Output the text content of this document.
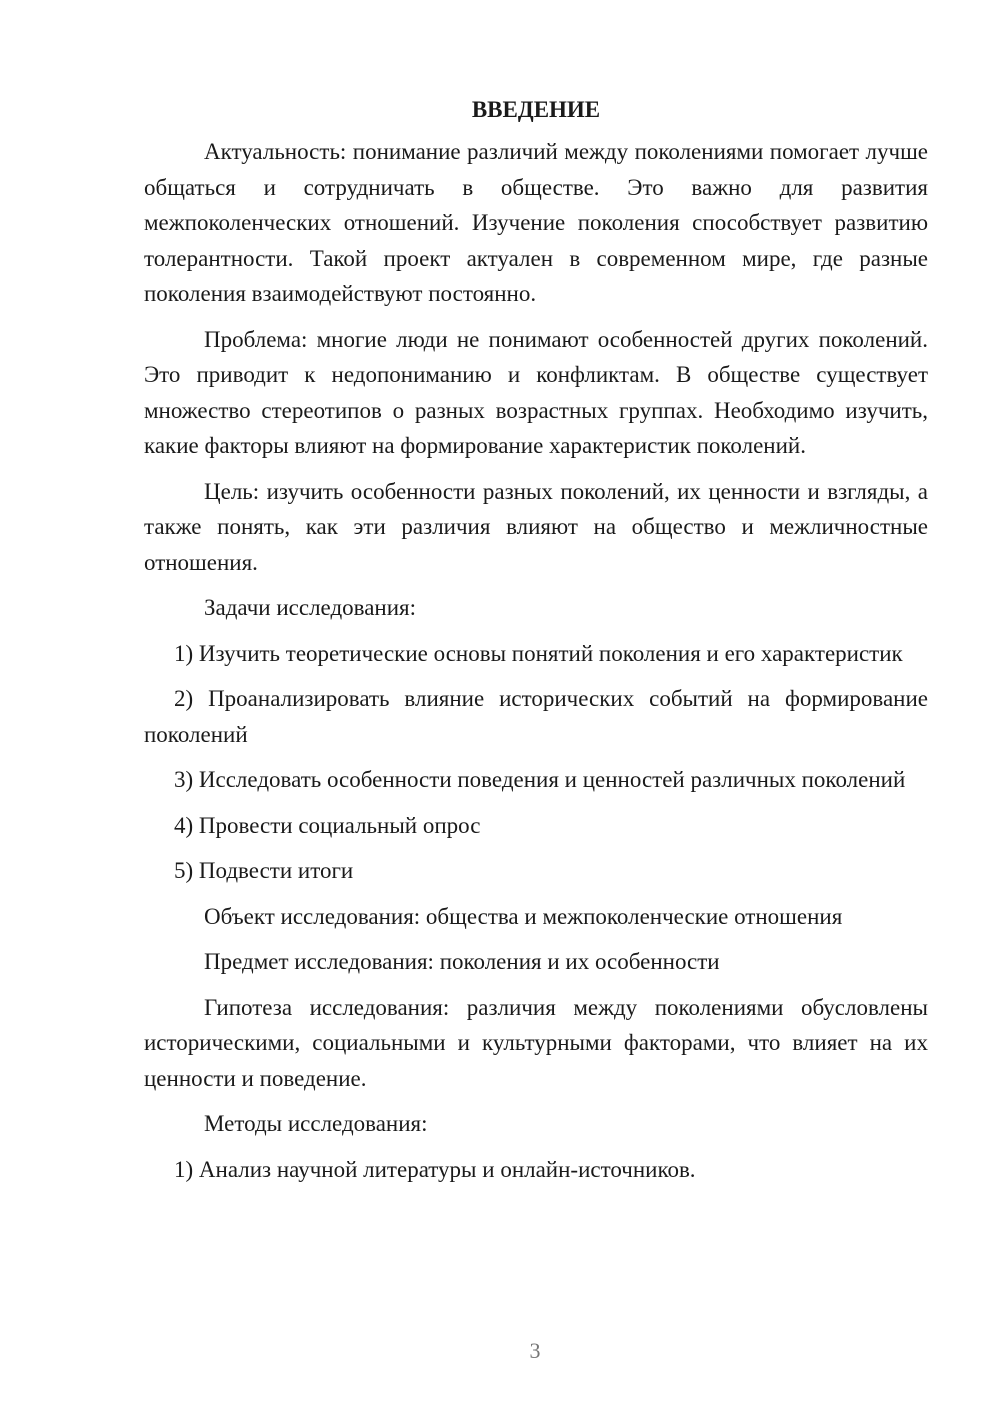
ВВЕДЕНИЕ

Актуальность: понимание различий между поколениями помогает лучше общаться и сотрудничать в обществе. Это важно для развития межпоколенческих отношений. Изучение поколения способствует развитию толерантности. Такой проект актуален в современном мире, где разные поколения взаимодействуют постоянно.

Проблема: многие люди не понимают особенностей других поколений. Это приводит к недопониманию и конфликтам. В обществе существует множество стереотипов о разных возрастных группах. Необходимо изучить, какие факторы влияют на формирование характеристик поколений.

Цель: изучить особенности разных поколений, их ценности и взгляды, а также понять, как эти различия влияют на общество и межличностные отношения.

Задачи исследования:

1) Изучить теоретические основы понятий поколения и его характеристик

2) Проанализировать влияние исторических событий на формирование поколений

3) Исследовать особенности поведения и ценностей различных поколений

4) Провести социальный опрос

5) Подвести итоги

Объект исследования: общества и межпоколенческие отношения

Предмет исследования: поколения и их особенности

Гипотеза исследования: различия между поколениями обусловлены историческими, социальными и культурными факторами, что влияет на их ценности и поведение.

Методы исследования:

1) Анализ научной литературы и онлайн-источников.

3
